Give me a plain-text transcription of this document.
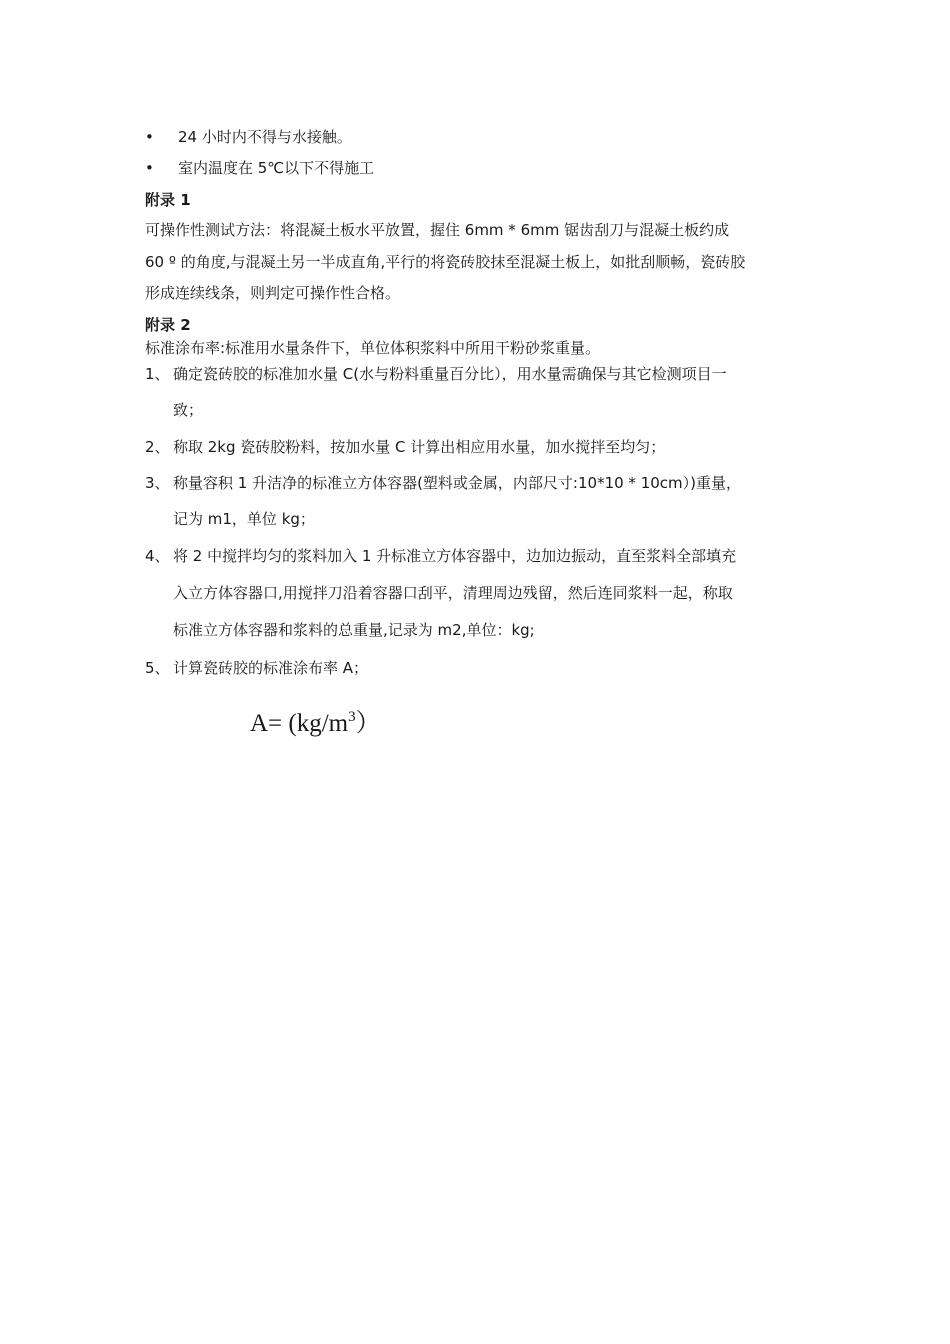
• 24 小时内不得与水接触。
• 室内温度在 5℃以下不得施工
附录 1
可操作性测试方法：将混凝土板水平放置，握住 6mm * 6mm 锯齿刮刀与混凝土板约成
60 º 的角度,与混凝土另一半成直角,平行的将瓷砖胶抹至混凝土板上，如批刮顺畅，瓷砖胶
形成连续线条，则判定可操作性合格。
附录 2
标准涂布率:标准用水量条件下，单位体积浆料中所用干粉砂浆重量。
1、 确定瓷砖胶的标准加水量 C(水与粉料重量百分比），用水量需确保与其它检测项目一
致；
2、 称取 2kg 瓷砖胶粉料，按加水量 C 计算出相应用水量，加水搅拌至均匀；
3、 称量容积 1 升洁净的标准立方体容器(塑料或金属，内部尺寸:10*10 * 10cm）)重量，
记为 m1，单位 kg；
4、 将 2 中搅拌均匀的浆料加入 1 升标准立方体容器中，边加边振动，直至浆料全部填充
入立方体容器口,用搅拌刀沿着容器口刮平，清理周边残留，然后连同浆料一起，称取
标准立方体容器和浆料的总重量,记录为 m2,单位：kg;
5、 计算瓷砖胶的标准涂布率 A；
$A= (kg/m^3)$
